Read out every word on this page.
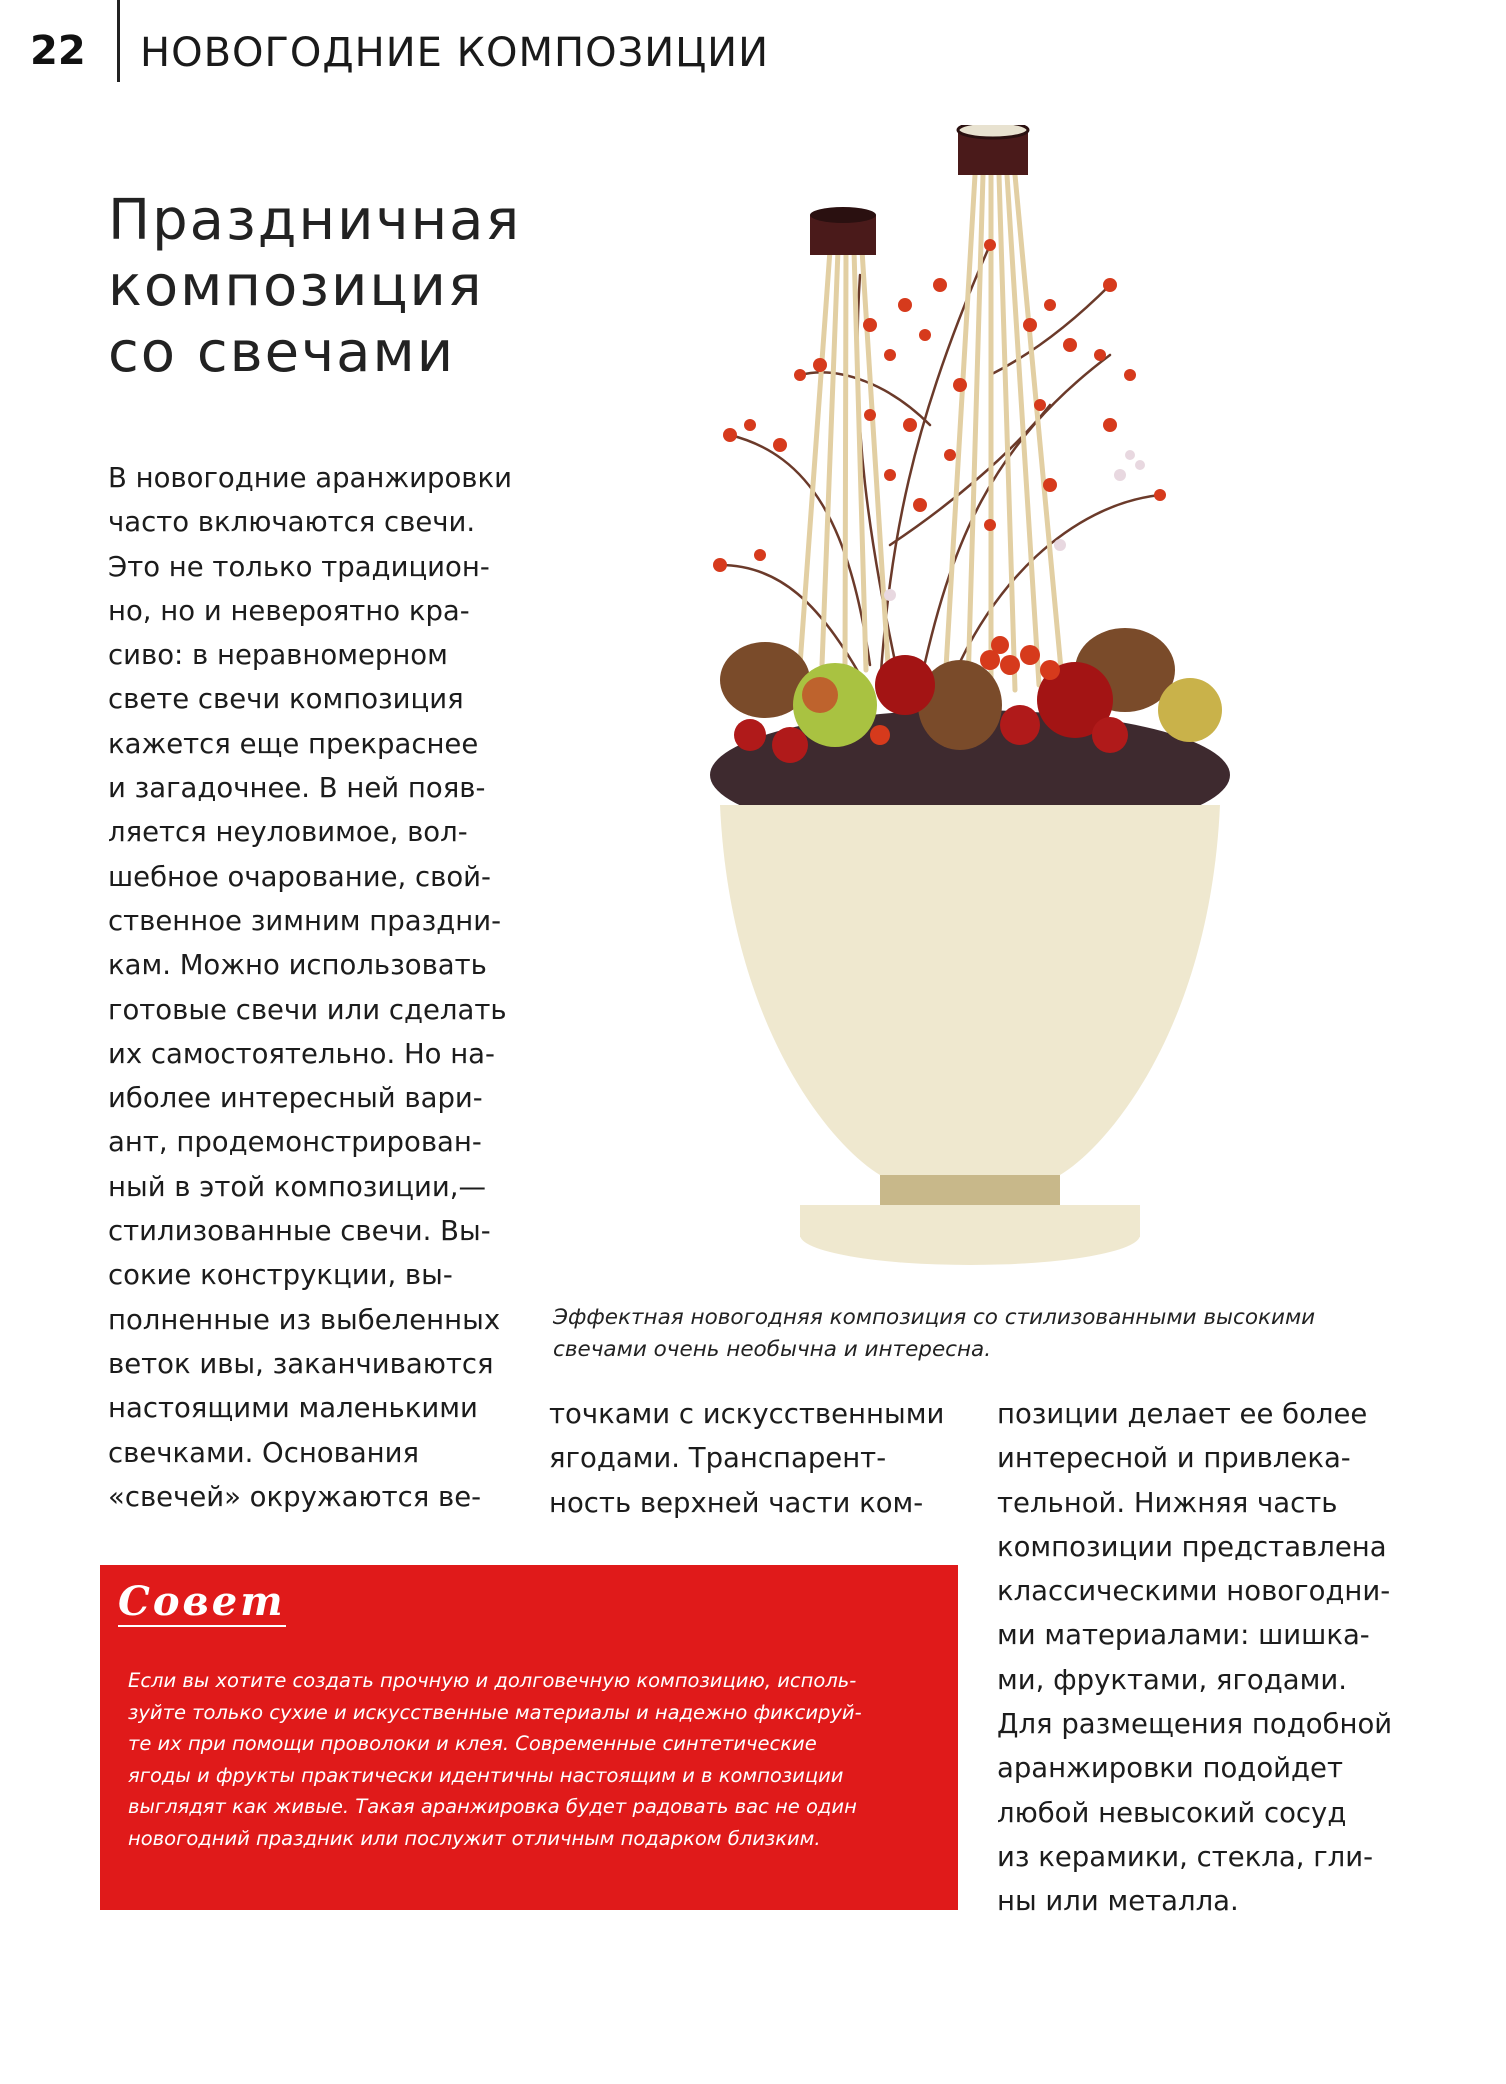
22 НОВОГОДНИЕ КОМПОЗИЦИИ
Праздничная
композиция
со свечами
В новогодние аранжировки
часто включаются свечи.
Это не только традицион-
но, но и невероятно кра-
сиво: в неравномерном
свете свечи композиция
кажется еще прекраснее
и загадочнее. В ней появ-
ляется неуловимое, вол-
шебное очарование, свой-
ственное зимним праздни-
кам. Можно использовать
готовые свечи или сделать
их самостоятельно. Но на-
иболее интересный вари-
ант, продемонстрирован-
ный в этой композиции,—
стилизованные свечи. Вы-
сокие конструкции, вы-
полненные из выбеленных
веток ивы, заканчиваются
настоящими маленькими
свечками. Основания
«свечей» окружаются ве-
Эффектная новогодняя композиция со стилизованными высокими
свечами очень необычна и интересна.
точками с искусственными
ягодами. Транспарент-
ность верхней части ком-
позиции делает ее более
интересной и привлека-
тельной. Нижняя часть
композиции представлена
классическими новогодни-
ми материалами: шишка-
ми, фруктами, ягодами.
Для размещения подобной
аранжировки подойдет
любой невысокий сосуд
из керамики, стекла, гли-
ны или металла.
Совет
Если вы хотите создать прочную и долговечную композицию, исполь-
зуйте только сухие и искусственные материалы и надежно фиксируй-
те их при помощи проволоки и клея. Современные синтетические
ягоды и фрукты практически идентичны настоящим и в композиции
выглядят как живые. Такая аранжировка будет радовать вас не один
новогодний праздник или послужит отличным подарком близким.
